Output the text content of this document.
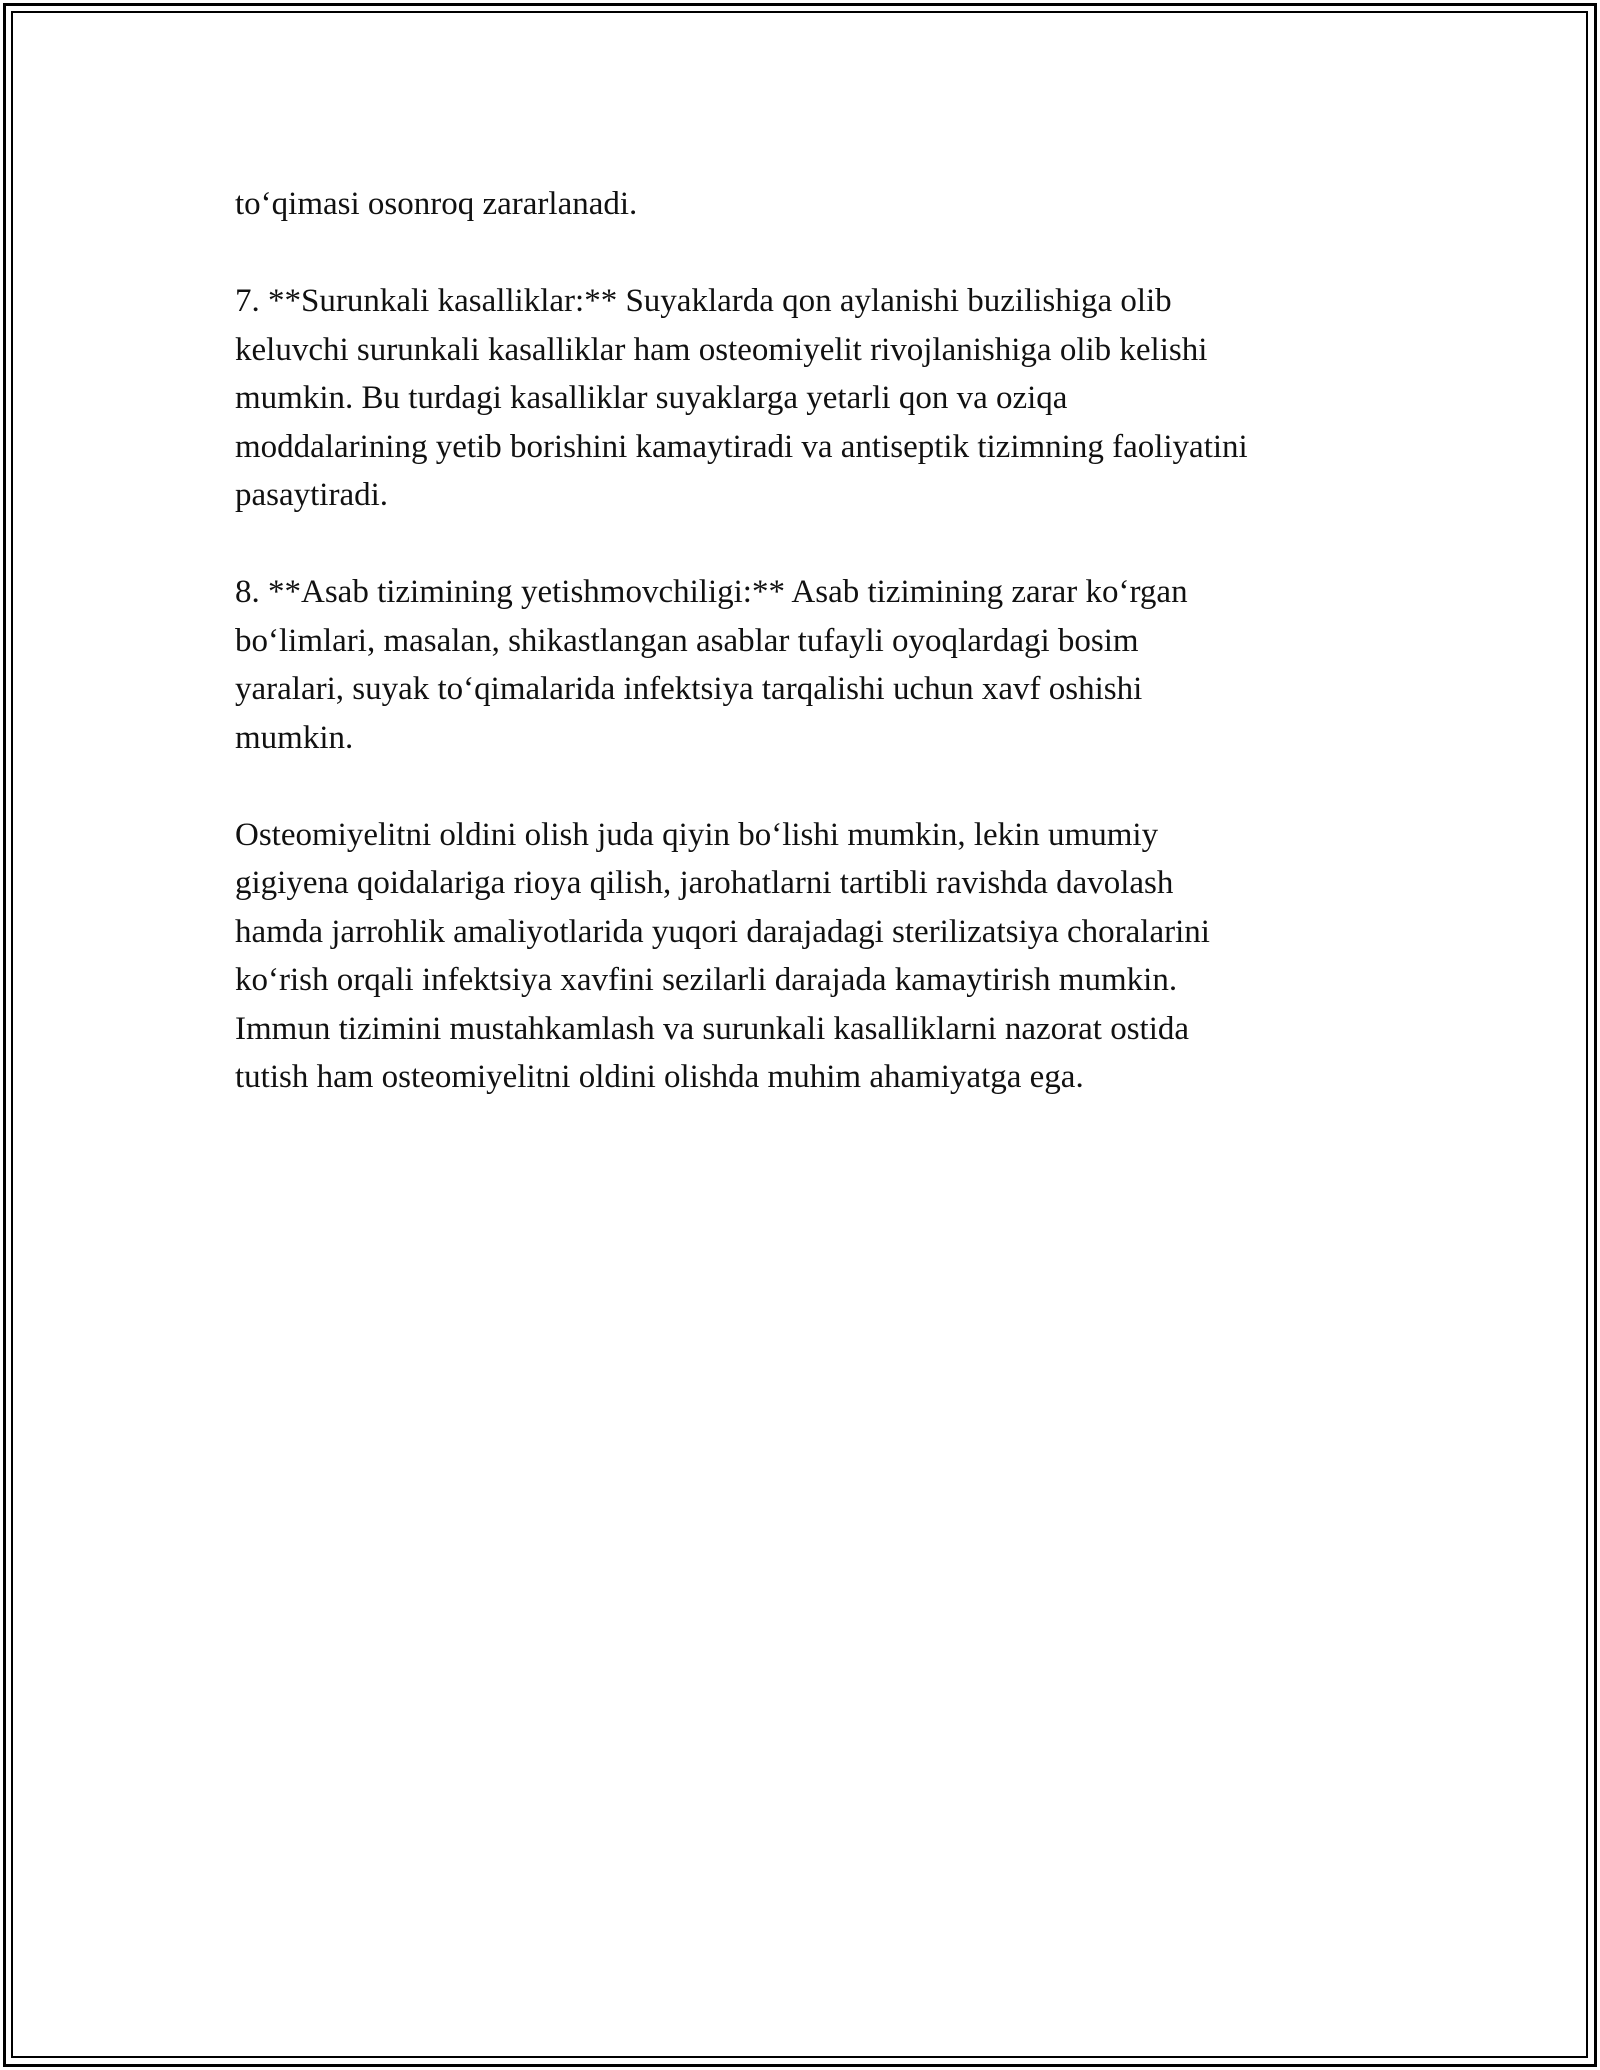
to‘qimasi osonroq zararlanadi.

7. **Surunkali kasalliklar:** Suyaklarda qon aylanishi buzilishiga olib
keluvchi surunkali kasalliklar ham osteomiyelit rivojlanishiga olib kelishi
mumkin. Bu turdagi kasalliklar suyaklarga yetarli qon va oziqa
moddalarining yetib borishini kamaytiradi va antiseptik tizimning faoliyatini
pasaytiradi.

8. **Asab tizimining yetishmovchiligi:** Asab tizimining zarar ko‘rgan
bo‘limlari, masalan, shikastlangan asablar tufayli oyoqlardagi bosim
yaralari, suyak to‘qimalarida infektsiya tarqalishi uchun xavf oshishi
mumkin.

Osteomiyelitni oldini olish juda qiyin bo‘lishi mumkin, lekin umumiy
gigiyena qoidalariga rioya qilish, jarohatlarni tartibli ravishda davolash
hamda jarrohlik amaliyotlarida yuqori darajadagi sterilizatsiya choralarini
ko‘rish orqali infektsiya xavfini sezilarli darajada kamaytirish mumkin.
Immun tizimini mustahkamlash va surunkali kasalliklarni nazorat ostida
tutish ham osteomiyelitni oldini olishda muhim ahamiyatga ega.
